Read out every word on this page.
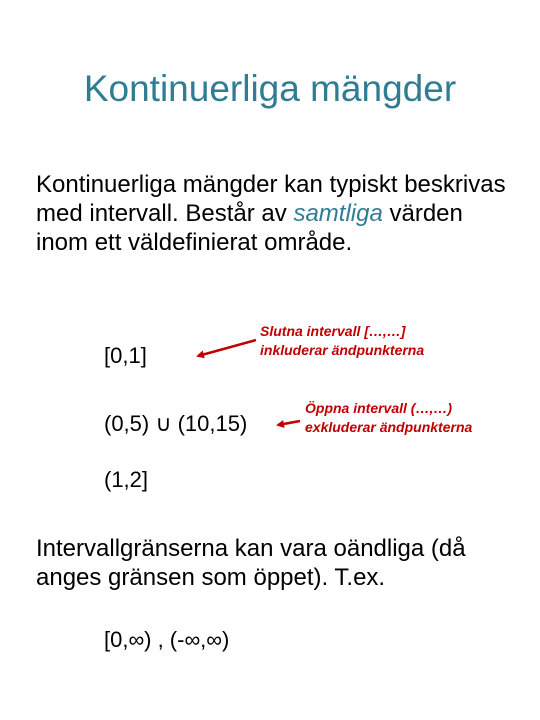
Kontinuerliga mängder
Kontinuerliga mängder kan typiskt beskrivas med intervall. Består av samtliga värden inom ett väldefinierat område.
[0,1]
(0,5) ∪ (10,15)
(1,2]
Slutna intervall […,…]
inkluderar ändpunkterna
Öppna intervall (…,…)
exkluderar ändpunkterna
Intervallgränserna kan vara oändliga (då anges gränsen som öppet). T.ex.
[0,∞) , (-∞,∞)
